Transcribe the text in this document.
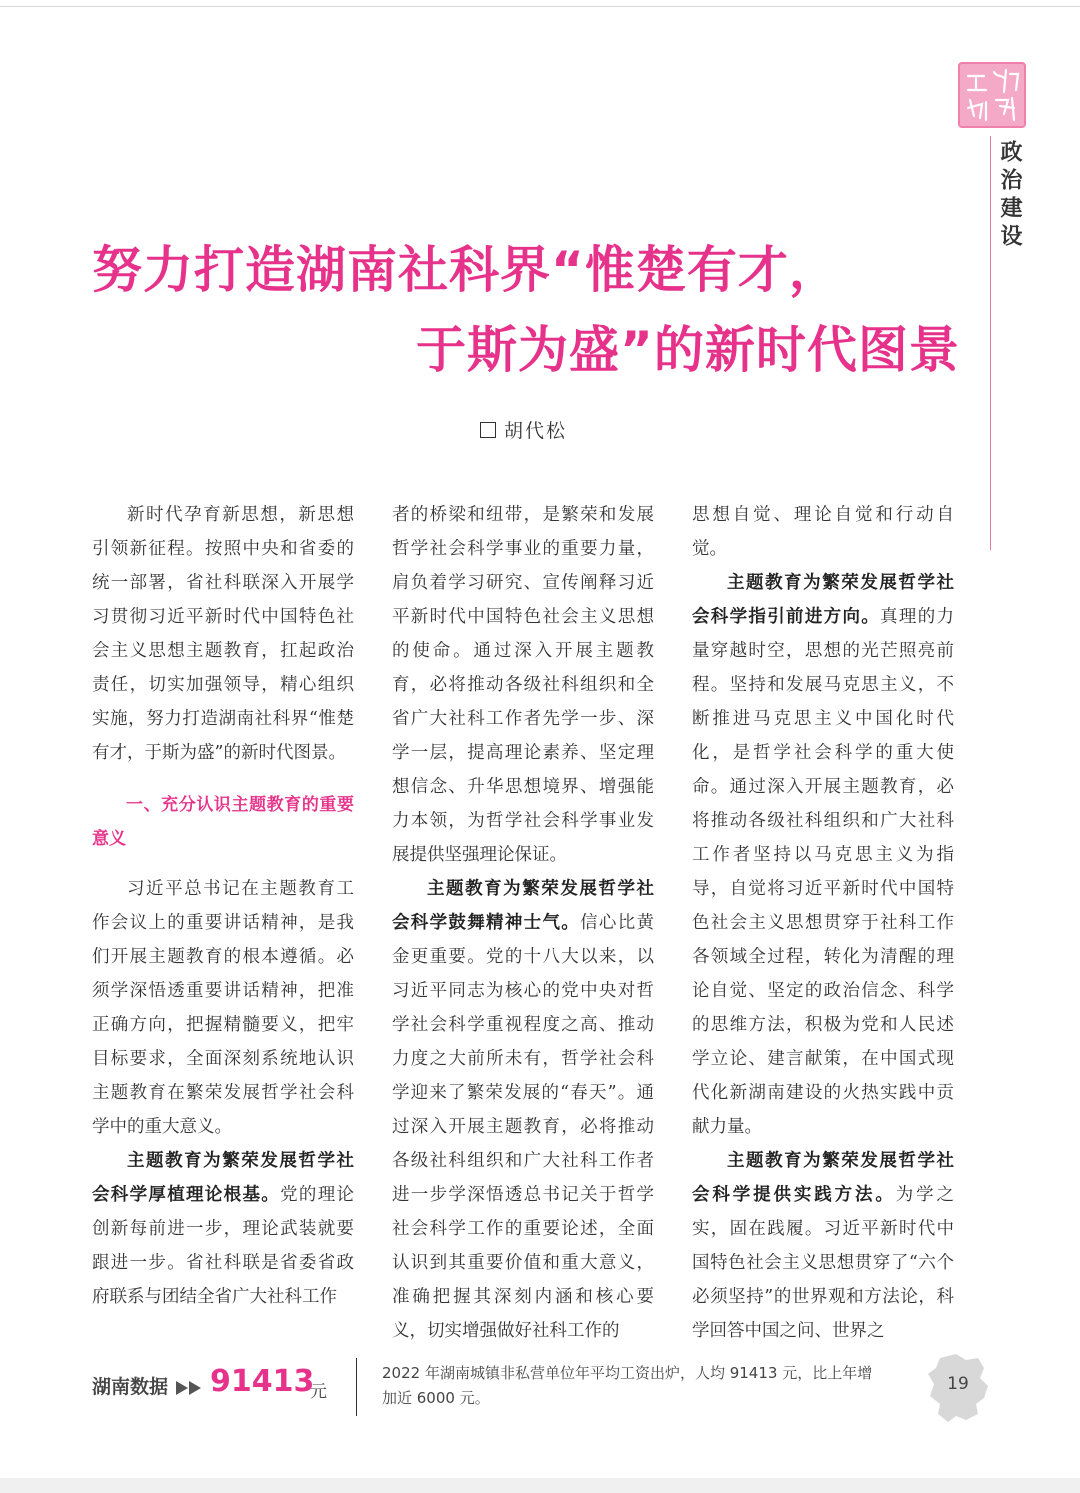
政治建设
努力打造湖南社科界“惟楚有才，
于斯为盛”的新时代图景
胡代松

新时代孕育新思想，新思想引领新征程。按照中央和省委的统一部署，省社科联深入开展学习贯彻习近平新时代中国特色社会主义思想主题教育，扛起政治责任，切实加强领导，精心组织实施，努力打造湖南社科界“惟楚有才，于斯为盛”的新时代图景。

一、充分认识主题教育的重要意义

习近平总书记在主题教育工作会议上的重要讲话精神，是我们开展主题教育的根本遵循。必须学深悟透重要讲话精神，把准正确方向，把握精髓要义，把牢目标要求，全面深刻系统地认识主题教育在繁荣发展哲学社会科学中的重大意义。

主题教育为繁荣发展哲学社会科学厚植理论根基。党的理论创新每前进一步，理论武装就要跟进一步。省社科联是省委省政府联系与团结全省广大社科工作

者的桥梁和纽带，是繁荣和发展哲学社会科学事业的重要力量，肩负着学习研究、宣传阐释习近平新时代中国特色社会主义思想的使命。通过深入开展主题教育，必将推动各级社科组织和全省广大社科工作者先学一步、深学一层，提高理论素养、坚定理想信念、升华思想境界、增强能力本领，为哲学社会科学事业发展提供坚强理论保证。

主题教育为繁荣发展哲学社会科学鼓舞精神士气。信心比黄金更重要。党的十八大以来，以习近平同志为核心的党中央对哲学社会科学重视程度之高、推动力度之大前所未有，哲学社会科学迎来了繁荣发展的“春天”。通过深入开展主题教育，必将推动各级社科组织和广大社科工作者进一步学深悟透总书记关于哲学社会科学工作的重要论述，全面认识到其重要价值和重大意义，准确把握其深刻内涵和核心要义，切实增强做好社科工作的

思想自觉、理论自觉和行动自觉。

主题教育为繁荣发展哲学社会科学指引前进方向。真理的力量穿越时空，思想的光芒照亮前程。坚持和发展马克思主义，不断推进马克思主义中国化时代化，是哲学社会科学的重大使命。通过深入开展主题教育，必将推动各级社科组织和广大社科工作者坚持以马克思主义为指导，自觉将习近平新时代中国特色社会主义思想贯穿于社科工作各领域全过程，转化为清醒的理论自觉、坚定的政治信念、科学的思维方法，积极为党和人民述学立论、建言献策，在中国式现代化新湖南建设的火热实践中贡献力量。

主题教育为繁荣发展哲学社会科学提供实践方法。为学之实，固在践履。习近平新时代中国特色社会主义思想贯穿了“六个必须坚持”的世界观和方法论，科学回答中国之问、世界之

湖南数据 91413
元
2022 年湖南城镇非私营单位年平均工资出炉，人均 91413 元，比上年增加近 6000 元。
19
